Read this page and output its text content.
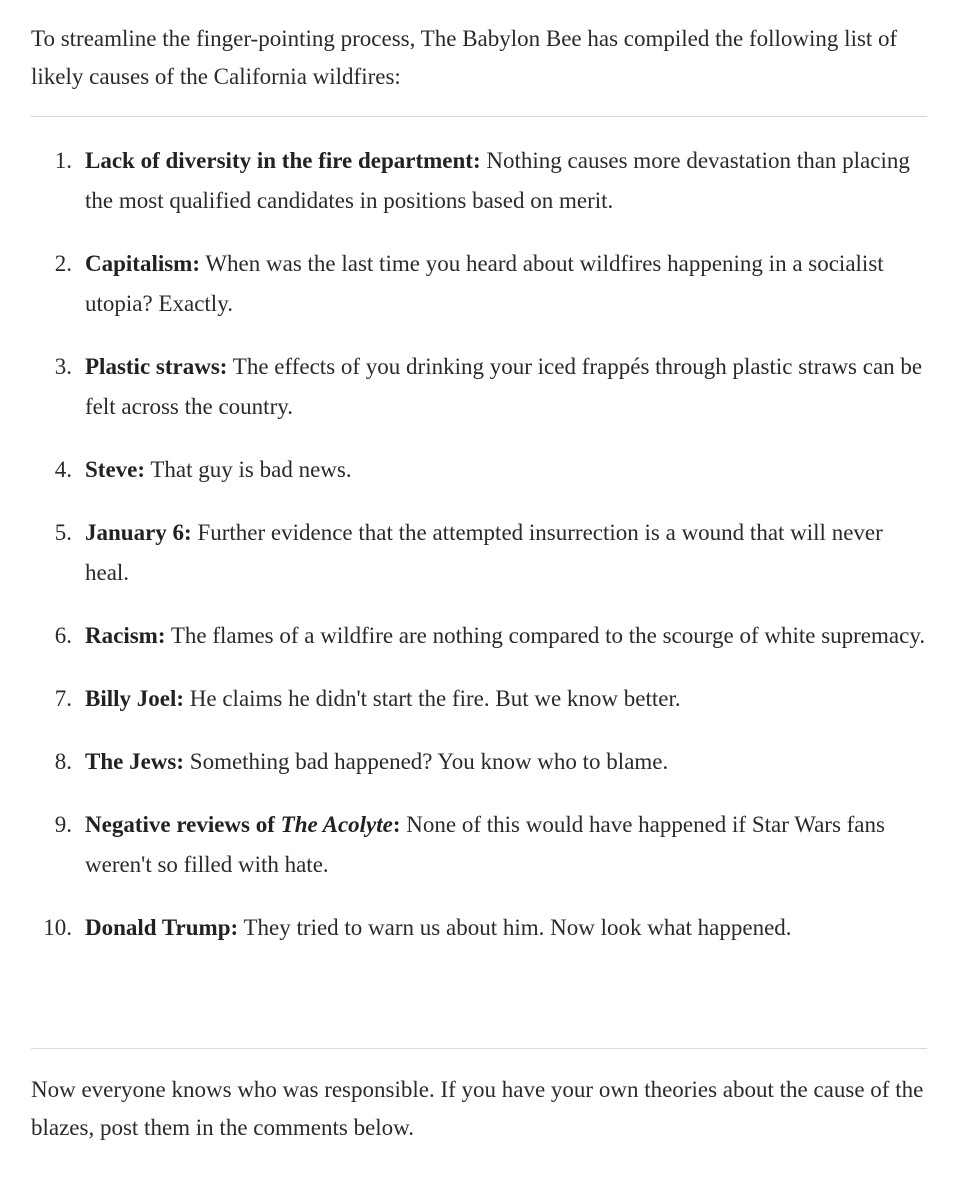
To streamline the finger-pointing process, The Babylon Bee has compiled the following list of likely causes of the California wildfires:

1. Lack of diversity in the fire department: Nothing causes more devastation than placing the most qualified candidates in positions based on merit.
2. Capitalism: When was the last time you heard about wildfires happening in a socialist utopia? Exactly.
3. Plastic straws: The effects of you drinking your iced frappés through plastic straws can be felt across the country.
4. Steve: That guy is bad news.
5. January 6: Further evidence that the attempted insurrection is a wound that will never heal.
6. Racism: The flames of a wildfire are nothing compared to the scourge of white supremacy.
7. Billy Joel: He claims he didn't start the fire. But we know better.
8. The Jews: Something bad happened? You know who to blame.
9. Negative reviews of The Acolyte: None of this would have happened if Star Wars fans weren't so filled with hate.
10. Donald Trump: They tried to warn us about him. Now look what happened.

Now everyone knows who was responsible. If you have your own theories about the cause of the blazes, post them in the comments below.
